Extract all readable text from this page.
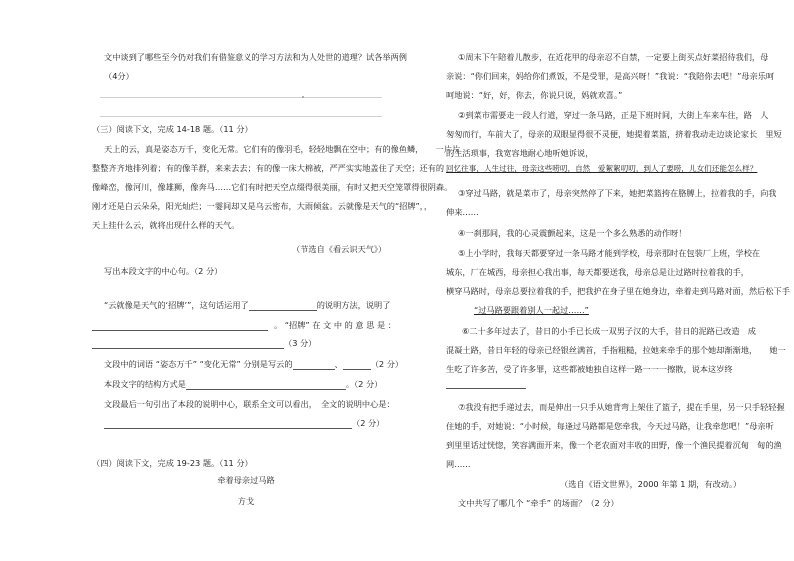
文中谈到了哪些至今仍对我们有借鉴意义的学习方法和为人处世的道理？试各举两例
（4分）
（三）阅读下文，完成 14-18 题。（11 分）
天上的云，真是姿态万千，变化无常。它们有的像羽毛，轻轻地飘在空中；有的像鱼鳞，　　一片片
整整齐齐地排列着；有的像羊群，来来去去；有的像一床大棉被，严严实实地盖住了天空；还有的
像峰峦，像河川，像雄狮，像奔马……它们有时把天空点缀得很美丽，有时又把天空笼罩得很阴森。
刚才还是白云朵朵，阳光灿烂；一霎间却又是乌云密布，大雨倾盆。云就像是天气的“招牌”，，
天上挂什么云，就将出现什么样的天气。
（节选自《看云识天气》）
写出本段文字的中心句。（2 分）
“云就像是天气的‘招牌’”，这句话运用了	的说明方法，说明了
。 “招牌” 在 文 中 的 意 思 是 ：
（3 分）
文段中的词语 “姿态万千” “变化无常” 分别是写云的	、	（2 分）
本段文字的结构方式是	。（2 分）
文段最后一句引出了本段的说明中心，联系全文可以看出，　全文的说明中心是：
（2 分）
（四）阅读下文，完成 19-23 题。（11 分）
牵着母亲过马路
方戈
①周末下午陪着儿散步，在近花甲的母亲忍不自禁，一定要上街买点好菜招待我们，母
亲说：“你们回来，妈给你们煮饭，不是受罪，是高兴呀！”我说：“我陪你去吧！”母亲乐呵
呵地说：“好，好，你去，你说只说，妈就欢喜。”
②到菜市需要走一段人行道，穿过一条马路，正是下班时间，大街上车来车往，路　人
匆匆而行，车前大了，母亲的双眼显得很不灵便，她提着菜篮，挤着我动走边谈论家长　里短
的生活琐事，我宽容地耐心地听她诉说，
回忆往事，人生过往，母亲这些唠叨，自然　爱絮絮叨叨，到人了要唠，儿女们还能怎么样？
③穿过马路，就是菜市了，母亲突然停了下来，她把菜篮挎在胳膊上，拉着我的手，向我
伸来……
④一刹那间，我的心灵震颤起来，这是一个多么熟悉的动作呀！
⑤上小学时，我每天都要穿过一条马路才能到学校，母亲那时在包装厂上班，学校在
城东，厂在城西，母亲担心我出事，每天都要送我，母亲总是让过路时拉着我的手，
横穿马路时，母亲总要拉着我的手，把我护在身子里在她身边，牵着走到马路对面，然后松下手
“过马路要跟着别人一起过……”
⑥二十多年过去了，昔日的小手已长成一双男子汉的大手，昔日的泥路已改造　成
混凝土路，昔日年轻的母亲已经银丝满首，手指粗糙，拉她来牵手的那个她却渐渐地，　　她一
生吃了许多苦，受了许多罪，这些都被她独自这样一路一一一擦散，说本这岁终
⑦我没有把手递过去，而是伸出一只手从她背弯上架住了篮子，提在手里，另一只手轻轻握
住她的手，对她说：“小时候，每逢过马路都是您牵我，今天过马路，让我牵您吧！”母亲听
到里里话过恍惚，笑容满面开来，像一个老农面对丰收的田野，像一个渔民提着沉甸　甸的渔
网……
（选自《语文世界》，2000 年第 1 期，有改动。）
文中共写了哪几个 “牵手” 的场面？（2 分）
